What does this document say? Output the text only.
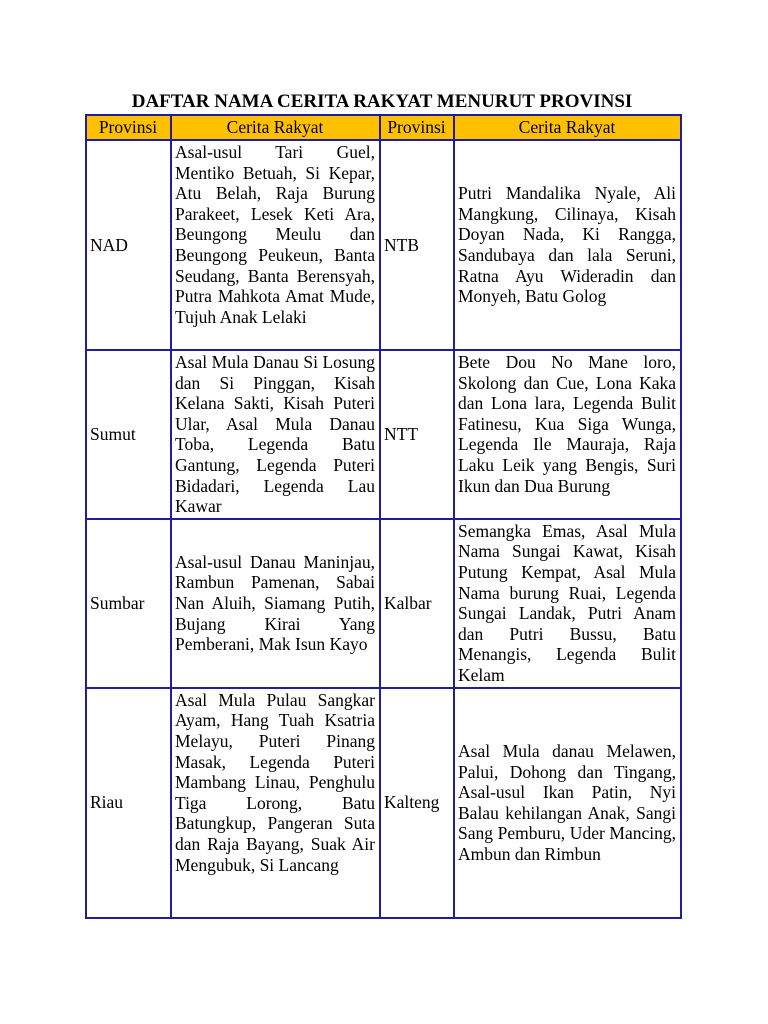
DAFTAR NAMA CERITA RAKYAT MENURUT PROVINSI
Provinsi	Cerita Rakyat	Provinsi	Cerita Rakyat
NAD	Asal-usul Tari Guel, Mentiko Betuah, Si Kepar, Atu Belah, Raja Burung Parakeet, Lesek Keti Ara, Beungong Meulu dan Beungong Peukeun, Banta Seudang, Banta Berensyah, Putra Mahkota Amat Mude, Tujuh Anak Lelaki	NTB	Putri Mandalika Nyale, Ali Mangkung, Cilinaya, Kisah Doyan Nada, Ki Rangga, Sandubaya dan lala Seruni, Ratna Ayu Wideradin dan Monyeh, Batu Golog
Sumut	Asal Mula Danau Si Losung dan Si Pinggan, Kisah Kelana Sakti, Kisah Puteri Ular, Asal Mula Danau Toba, Legenda Batu Gantung, Legenda Puteri Bidadari, Legenda Lau Kawar	NTT	Bete Dou No Mane loro, Skolong dan Cue, Lona Kaka dan Lona lara, Legenda Bulit Fatinesu, Kua Siga Wunga, Legenda Ile Mauraja, Raja Laku Leik yang Bengis, Suri Ikun dan Dua Burung
Sumbar	Asal-usul Danau Maninjau, Rambun Pamenan, Sabai Nan Aluih, Siamang Putih, Bujang Kirai Yang Pemberani, Mak Isun Kayo	Kalbar	Semangka Emas, Asal Mula Nama Sungai Kawat, Kisah Putung Kempat, Asal Mula Nama burung Ruai, Legenda Sungai Landak, Putri Anam dan Putri Bussu, Batu Menangis, Legenda Bulit Kelam
Riau	Asal Mula Pulau Sangkar Ayam, Hang Tuah Ksatria Melayu, Puteri Pinang Masak, Legenda Puteri Mambang Linau, Penghulu Tiga Lorong, Batu Batungkup, Pangeran Suta dan Raja Bayang, Suak Air Mengubuk, Si Lancang	Kalteng	Asal Mula danau Melawen, Palui, Dohong dan Tingang, Asal-usul Ikan Patin, Nyi Balau kehilangan Anak, Sangi Sang Pemburu, Uder Mancing, Ambun dan Rimbun
